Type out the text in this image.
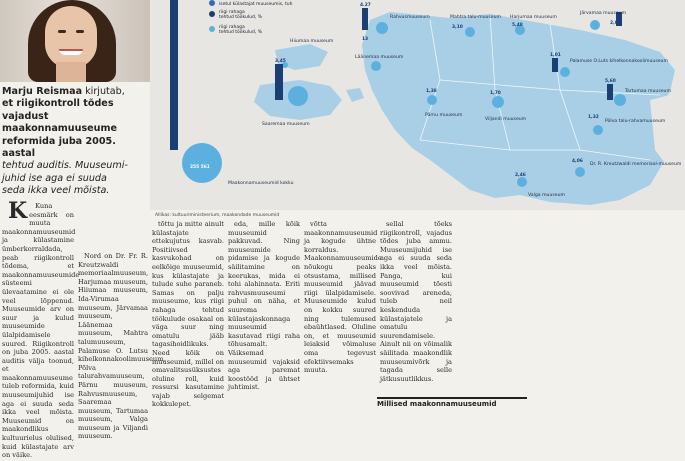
Marju Reismaa kirjutab,
et riigikontroll tõdes vajadust
maakonnamuuseume
reformida juba 2005. aastal
tehtud auditis. Muuseumi-
juhid ise aga ei suuda
seda ikka veel mõista.
isetul külastajat muuseumis, tuh
riigi rahaga
tehtud töökulud, %
riigi rahaga
tehtud töökulud, %
Rahvusmuuseum	Mahtra talu-muuseum Harjumaa muuseum
Järvamaa muuseum
Palamuse O.Luts kihelkonnakoolimuuseum
Tartumaa muuseum
Põlva talu-rahvamuuseum
Viljandi muuseum
Pärnu muuseum
Saaremaa muuseum
Läänemaa muuseum
Hiiumaa muuseum
Valga muuseum
Dr. R. Kreutzwaldi memoriaal-muuseum
Maakonnamuuseumid kokku
4.27
3,10
13
5,48	2,00
1,01
5,60
1,32
1,70
1,38
3,45
2,46
4,06
255 561
Allikas: kultuuriministeerium, maakondade muuseumid

K Kuna eesmärk on muuta maakonnamuuseumid ja külastamine ümberkorraldada, peab riigikontroll tõdema, et maakonnamuuseumide süsteemi ülevaatamine ei ole veel lõppenud. Muuseumide arv on suur ja kulud muuseumide ülalpidamisele suured. Riigikontroll on juba 2005. aastal auditis välja toonud, et maakonnamuuseume tuleb reformida, kuid muuseumijuhid ise aga ei suuda seda ikka veel mõista. Muuseumid on maakondlikus kultuurielus olulised, kuid külastajate arv on väike.

Nord on Dr. Fr. R. Kreutzwaldi memoriaalmuuseum, Harjumaa muuseum, Hiiumaa muuseum, Ida-Virumaa muuseum, Järvamaa muuseum, Läänemaa muuseum, Mahtra talumuuseum, Palamuse O. Lutsu kihelkonnakoolimuuseum, Põlva talurahvamuuseum, Pärnu muuseum, Rahvusmuuseum, Saaremaa muuseum, Tartumaa muuseum, Valga muuseum ja Viljandi muuseum.

tõttu ja mitte ainult külastajate ettekujutus kasvab. Positiivsed kasvukohad on eelkõige muuseumid, kus külastajate ja tulude suhe paraneb. Samas on palju muuseume, kus riigi rahaga tehtud töökulude osakaal on väga suur ning omatulu jääb tagasihoidlikuks. Need kõik on muuseumid, millel on omavalitsusüksustes oluline roll, kuid ressursi kasutamine vajab selgemat kokkulepet.

eda, mille kõik muuseumid pakkuvad. Ning muuseumide pidamise ja kogude säilitamine on keerukas, mida ei tohi alahinnata. Eriti rahvusmuuseumi puhul on näha, et suurema külastajaskonnaga muuseumid kasutavad riigi raha tõhusamalt. Väiksemad muuseumid vajaksid aga paremat koostööd ja ühtset juhtimist.

võtta maakonnamuuseumid ja kogude ühtne korraldus. Maakonnamuuseumide nõukogu peaks otsustama, millised muuseumid jäävad riigi ülalpidamisele. Muuseumide kulud on kokku suured ning tulemused ebaühtlased. Oluline on, et muuseumid leiaksid võimaluse oma tegevust efektiivsemaks muuta.

sellal tõeks riigikontroll, vajadus tõdes juba ammu. Muuseumijuhid ise aga ei suuda seda ikka veel mõista. Panga, kui muuseumid tõesti soovivad areneda, tuleb neil keskenduda külastajatele ja omatulu suurendamisele. Ainult nii on võimalik säilitada maakondlik muuseumivõrk ja tagada selle jätkusuutlikkus.

Millised maakonnamuuseumid
